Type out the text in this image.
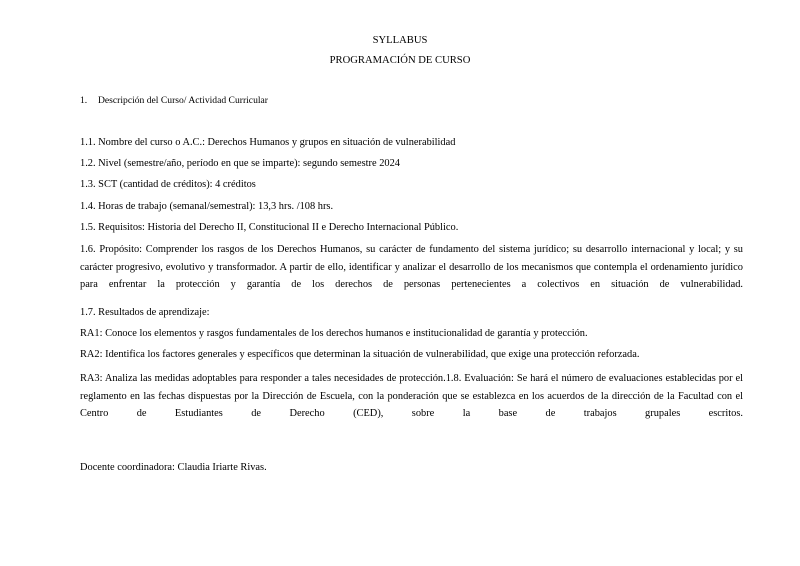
SYLLABUS
PROGRAMACIÓN DE CURSO
1. Descripción del Curso/ Actividad Curricular

1.1. Nombre del curso o A.C.: Derechos Humanos y grupos en situación de vulnerabilidad

1.2. Nivel (semestre/año, período en que se imparte): segundo semestre 2024

1.3. SCT (cantidad de créditos): 4 créditos

1.4. Horas de trabajo (semanal/semestral): 13,3 hrs. /108 hrs.

1.5. Requisitos: Historia del Derecho II, Constitucional II e Derecho Internacional Público.

1.6. Propósito: Comprender los rasgos de los Derechos Humanos, su carácter de fundamento del sistema jurídico; su desarrollo internacional y local; y su carácter progresivo, evolutivo y transformador. A partir de ello, identificar y analizar el desarrollo de los mecanismos que contempla el ordenamiento jurídico para enfrentar la protección y garantía de los derechos de personas pertenecientes a colectivos en situación de vulnerabilidad.

1.7. Resultados de aprendizaje:

RA1: Conoce los elementos y rasgos fundamentales de los derechos humanos e institucionalidad de garantía y protección.

RA2: Identifica los factores generales y específicos que determinan la situación de vulnerabilidad, que exige una protección reforzada.

RA3: Analiza las medidas adoptables para responder a tales necesidades de protección.1.8. Evaluación: Se hará el número de evaluaciones establecidas por el reglamento en las fechas dispuestas por la Dirección de Escuela, con la ponderación que se establezca en los acuerdos de la dirección de la Facultad con el Centro de Estudiantes de Derecho (CED), sobre la base de trabajos grupales escritos.

Docente coordinadora: Claudia Iriarte Rivas.
